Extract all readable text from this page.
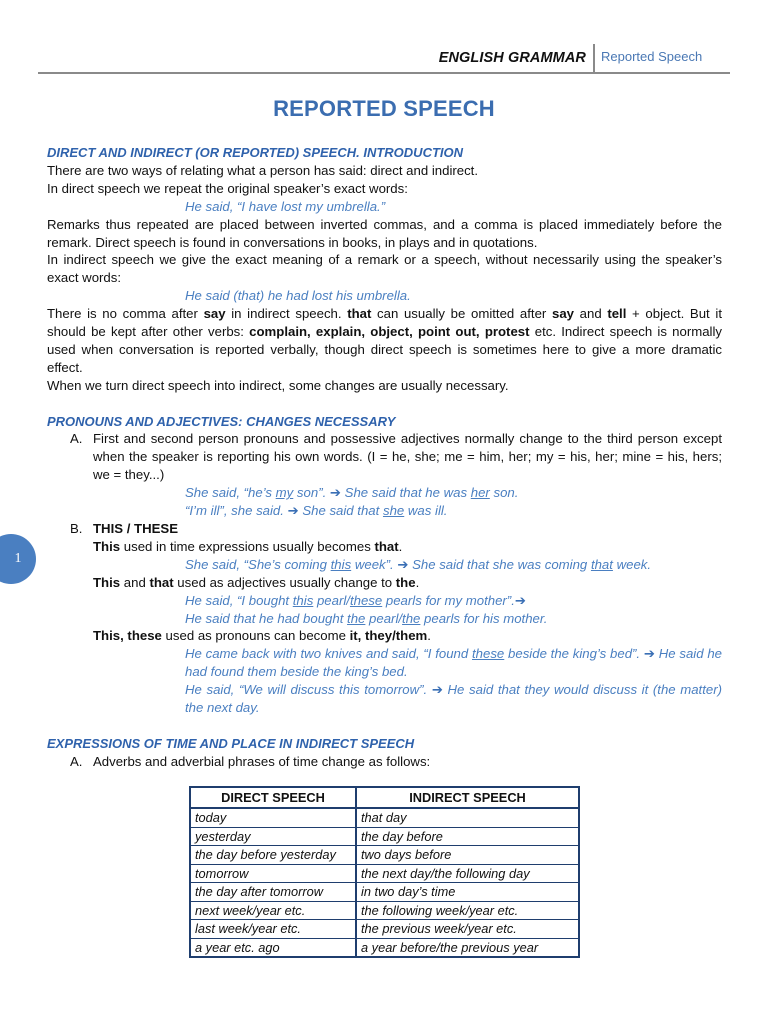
ENGLISH GRAMMAR Reported Speech
REPORTED SPEECH
1

DIRECT AND INDIRECT (OR REPORTED) SPEECH. INTRODUCTION

There are two ways of relating what a person has said: direct and indirect.

In direct speech we repeat the original speaker’s exact words:

He said, “I have lost my umbrella.”

Remarks thus repeated are placed between inverted commas, and a comma is placed immediately before the remark. Direct speech is found in conversations in books, in plays and in quotations.

In indirect speech we give the exact meaning of a remark or a speech, without necessarily using the speaker’s exact words:

He said (that) he had lost his umbrella.

There is no comma after say in indirect speech. that can usually be omitted after say and tell + object. But it should be kept after other verbs: complain, explain, object, point out, protest etc. Indirect speech is normally used when conversation is reported verbally, though direct speech is sometimes here to give a more dramatic effect.

When we turn direct speech into indirect, some changes are usually necessary.

PRONOUNS AND ADJECTIVES: CHANGES NECESSARY

A. First and second person pronouns and possessive adjectives normally change to the third person except when the speaker is reporting his own words. (I = he, she; me = him, her; my = his, her; mine = his, hers; we = they...)

She said, “he’s my son”. ➔ She said that he was her son.

“I’m ill”, she said. ➔ She said that she was ill.

B. THIS / THESE

This used in time expressions usually becomes that.

She said, “She’s coming this week”. ➔ She said that she was coming that week.

This and that used as adjectives usually change to the.

He said, “I bought this pearl/these pearls for my mother”.➔

He said that he had bought the pearl/the pearls for his mother.

This, these used as pronouns can become it, they/them.

He came back with two knives and said, “I found these beside the king’s bed”. ➔ He said he had found them beside the king’s bed.

He said, “We will discuss this tomorrow”. ➔ He said that they would discuss it (the matter) the next day.

EXPRESSIONS OF TIME AND PLACE IN INDIRECT SPEECH

A. Adverbs and adverbial phrases of time change as follows:
DIRECT SPEECH	INDIRECT SPEECH
today	that day
yesterday	the day before
the day before yesterday	two days before
tomorrow	the next day/the following day
the day after tomorrow	in two day’s time
next week/year etc.	the following week/year etc.
last week/year etc.	the previous week/year etc.
a year etc. ago	a year before/the previous year
